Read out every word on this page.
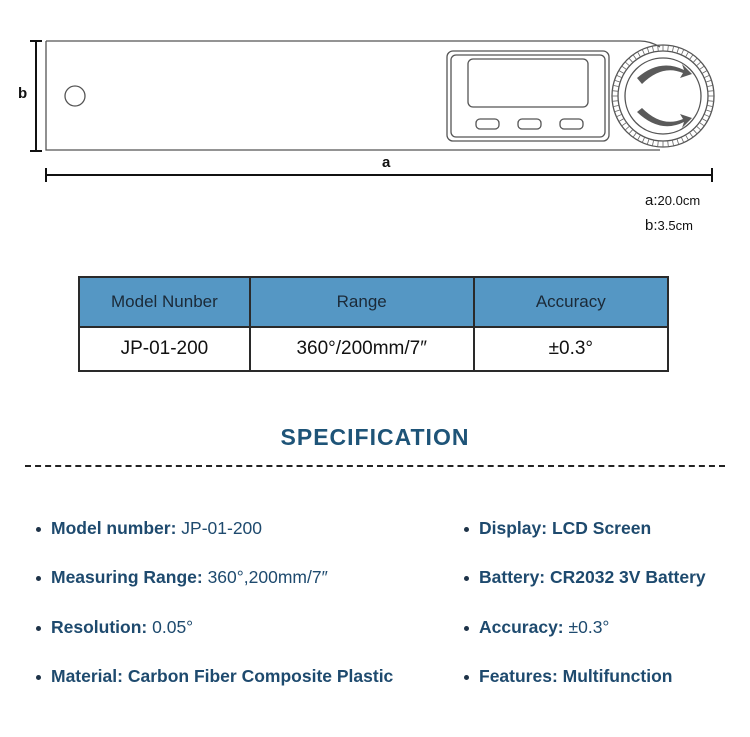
b
a
a:20.0cm
b:3.5cm
Model Nunber	Range	Accuracy
JP-01-200	360°/200mm/7″	±0.3°
SPECIFICATION
Model number: JP-01-200
Measuring Range: 360°,200mm/7″
Resolution: 0.05°
Material: Carbon Fiber Composite Plastic
Display: LCD Screen
Battery: CR2032 3V Battery
Accuracy: ±0.3°
Features: Multifunction
